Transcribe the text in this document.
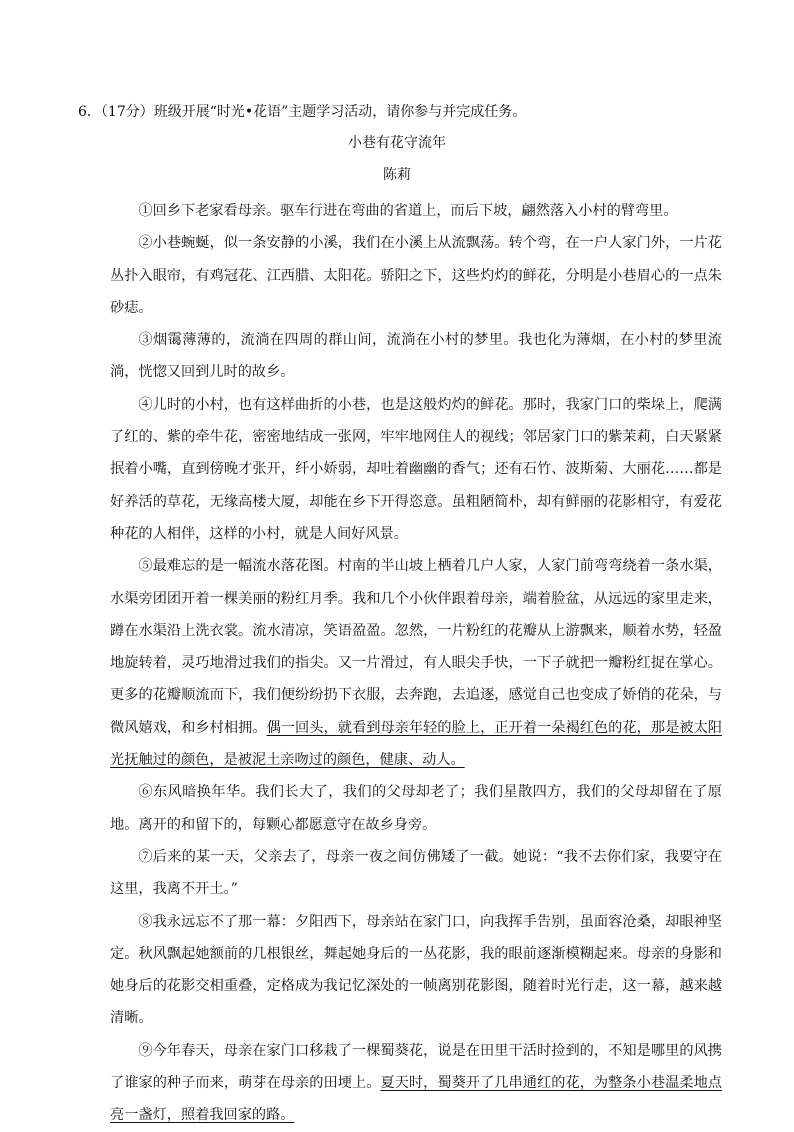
6．（17分）班级开展“时光•花语”主题学习活动，请你参与并完成任务。
小巷有花守流年
陈莉

①回乡下老家看母亲。驱车行进在弯曲的省道上，而后下坡，翩然落入小村的臂弯里。

②小巷蜿蜒，似一条安静的小溪，我们在小溪上从流飘荡。转个弯，在一户人家门外，一片花丛扑入眼帘，有鸡冠花、江西腊、太阳花。骄阳之下，这些灼灼的鲜花，分明是小巷眉心的一点朱砂痣。

③烟霭薄薄的，流淌在四周的群山间，流淌在小村的梦里。我也化为薄烟，在小村的梦里流淌，恍惚又回到儿时的故乡。

④儿时的小村，也有这样曲折的小巷，也是这般灼灼的鲜花。那时，我家门口的柴垛上，爬满了红的、紫的牵牛花，密密地结成一张网，牢牢地网住人的视线；邻居家门口的紫茉莉，白天紧紧抿着小嘴，直到傍晚才张开，纤小娇弱，却吐着幽幽的香气；还有石竹、波斯菊、大丽花……都是好养活的草花，无缘高楼大厦，却能在乡下开得恣意。虽粗陋简朴，却有鲜丽的花影相守，有爱花种花的人相伴，这样的小村，就是人间好风景。

⑤最难忘的是一幅流水落花图。村南的半山坡上栖着几户人家，人家门前弯弯绕着一条水渠，水渠旁团团开着一棵美丽的粉红月季。我和几个小伙伴跟着母亲，端着脸盆，从远远的家里走来，蹲在水渠沿上洗衣裳。流水清凉，笑语盈盈。忽然，一片粉红的花瓣从上游飘来，顺着水势，轻盈地旋转着，灵巧地滑过我们的指尖。又一片滑过，有人眼尖手快，一下子就把一瓣粉红捉在掌心。更多的花瓣顺流而下，我们便纷纷扔下衣服，去奔跑，去追逐，感觉自己也变成了娇俏的花朵，与微风嬉戏，和乡村相拥。偶一回头，就看到母亲年轻的脸上，正开着一朵褐红色的花，那是被太阳光抚触过的颜色，是被泥土亲吻过的颜色，健康、动人。

⑥东风暗换年华。我们长大了，我们的父母却老了；我们星散四方，我们的父母却留在了原地。离开的和留下的，每颗心都愿意守在故乡身旁。

⑦后来的某一天，父亲去了，母亲一夜之间仿佛矮了一截。她说：“我不去你们家，我要守在这里，我离不开土。”

⑧我永远忘不了那一幕：夕阳西下，母亲站在家门口，向我挥手告别，虽面容沧桑，却眼神坚定。秋风飘起她额前的几根银丝，舞起她身后的一丛花影，我的眼前逐渐模糊起来。母亲的身影和她身后的花影交相重叠，定格成为我记忆深处的一帧离别花影图，随着时光行走，这一幕，越来越清晰。

⑨今年春天，母亲在家门口移栽了一棵蜀葵花，说是在田里干活时捡到的，不知是哪里的风携了谁家的种子而来，萌芽在母亲的田埂上。夏天时，蜀葵开了几串通红的花，为整条小巷温柔地点亮一盏灯，照着我回家的路。
